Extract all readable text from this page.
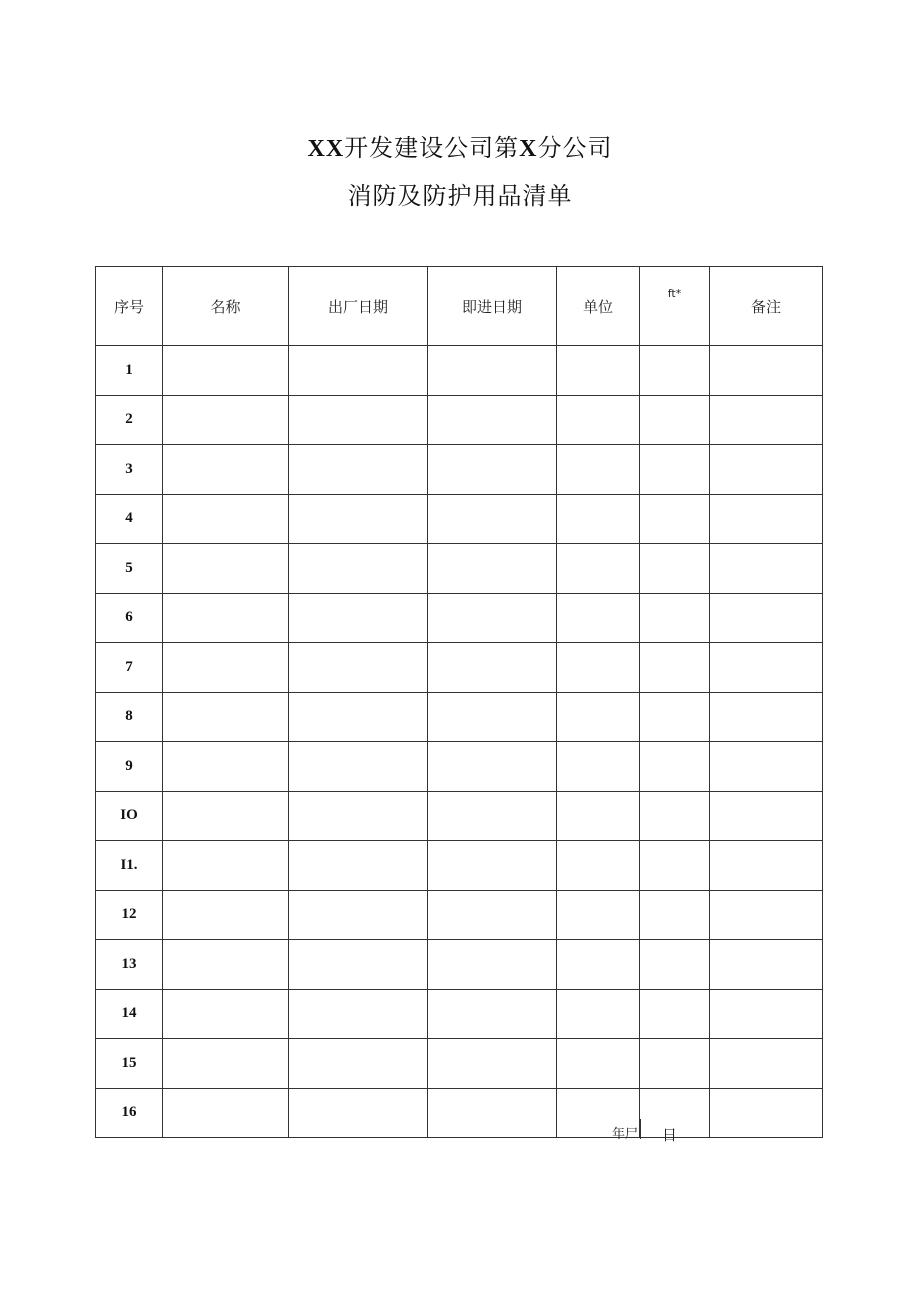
XX开发建设公司第X分公司
消防及防护用品清单
序号	名称	出厂日期	即进日期	单位	ft*	备注
1						
2						
3						
4						
5						
6						
7						
8						
9						
IO						
I1.						
12						
13						
14						
15						
16						
年尸 日
